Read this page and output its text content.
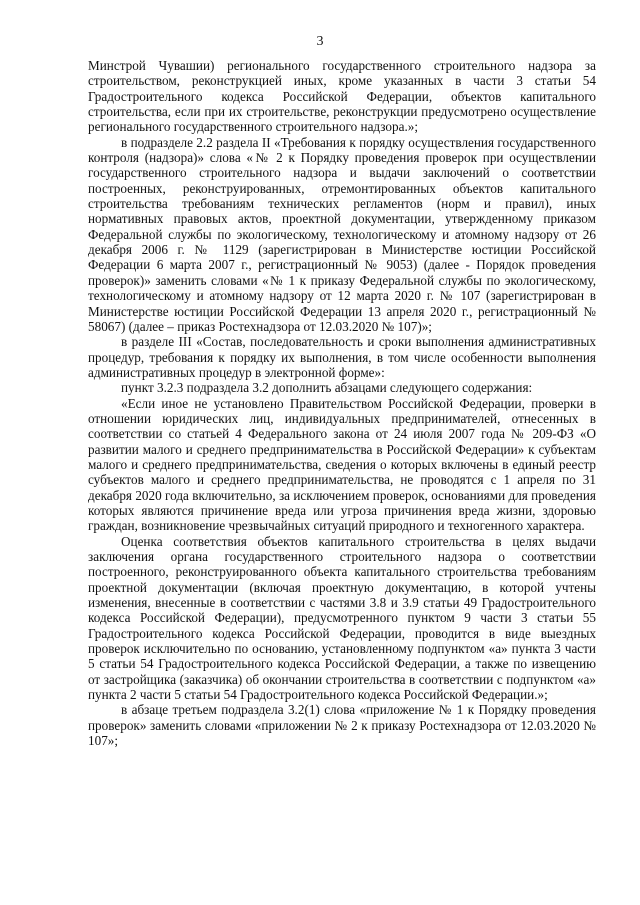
3

Минстрой Чувашии) регионального государственного строительного надзора за строительством, реконструкцией иных, кроме указанных в части 3 статьи 54 Градостроительного кодекса Российской Федерации, объектов капитального строительства, если при их строительстве, реконструкции предусмотрено осуществление регионального государственного строительного надзора.»;

в подразделе 2.2 раздела II «Требования к порядку осуществления государственного контроля (надзора)» слова «№ 2 к Порядку проведения проверок при осуществлении государственного строительного надзора и выдачи заключений о соответствии построенных, реконструированных, отремонтированных объектов капитального строительства требованиям технических регламентов (норм и правил), иных нормативных правовых актов, проектной документации, утвержденному приказом Федеральной службы по экологическому, технологическому и атомному надзору от 26 декабря 2006 г. № 1129 (зарегистрирован в Министерстве юстиции Российской Федерации 6 марта 2007 г., регистрационный № 9053) (далее - Порядок проведения проверок)» заменить словами «№ 1 к приказу Федеральной службы по экологическому, технологическому и атомному надзору от 12 марта 2020 г. № 107 (зарегистрирован в Министерстве юстиции Российской Федерации 13 апреля 2020 г., регистрационный № 58067) (далее – приказ Ростехнадзора от 12.03.2020 № 107)»;

в разделе III «Состав, последовательность и сроки выполнения административных процедур, требования к порядку их выполнения, в том числе особенности выполнения административных процедур в электронной форме»:

пункт 3.2.3 подраздела 3.2 дополнить абзацами следующего содержания:

«Если иное не установлено Правительством Российской Федерации, проверки в отношении юридических лиц, индивидуальных предпринимателей, отнесенных в соответствии со статьей 4 Федерального закона от 24 июля 2007 года № 209-ФЗ «О развитии малого и среднего предпринимательства в Российской Федерации» к субъектам малого и среднего предпринимательства, сведения о которых включены в единый реестр субъектов малого и среднего предпринимательства, не проводятся с 1 апреля по 31 декабря 2020 года включительно, за исключением проверок, основаниями для проведения которых являются причинение вреда или угроза причинения вреда жизни, здоровью граждан, возникновение чрезвычайных ситуаций природного и техногенного характера.

Оценка соответствия объектов капитального строительства в целях выдачи заключения органа государственного строительного надзора о соответствии построенного, реконструированного объекта капитального строительства требованиям проектной документации (включая проектную документацию, в которой учтены изменения, внесенные в соответствии с частями 3.8 и 3.9 статьи 49 Градостроительного кодекса Российской Федерации), предусмотренного пунктом 9 части 3 статьи 55 Градостроительного кодекса Российской Федерации, проводится в виде выездных проверок исключительно по основанию, установленному подпунктом «а» пункта 3 части 5 статьи 54 Градостроительного кодекса Российской Федерации, а также по извещению от застройщика (заказчика) об окончании строительства в соответствии с подпунктом «а» пункта 2 части 5 статьи 54 Градостроительного кодекса Российской Федерации.»;

в абзаце третьем подраздела 3.2(1) слова «приложение № 1 к Порядку проведения проверок» заменить словами «приложении № 2 к приказу Ростехнадзора от 12.03.2020 № 107»;
